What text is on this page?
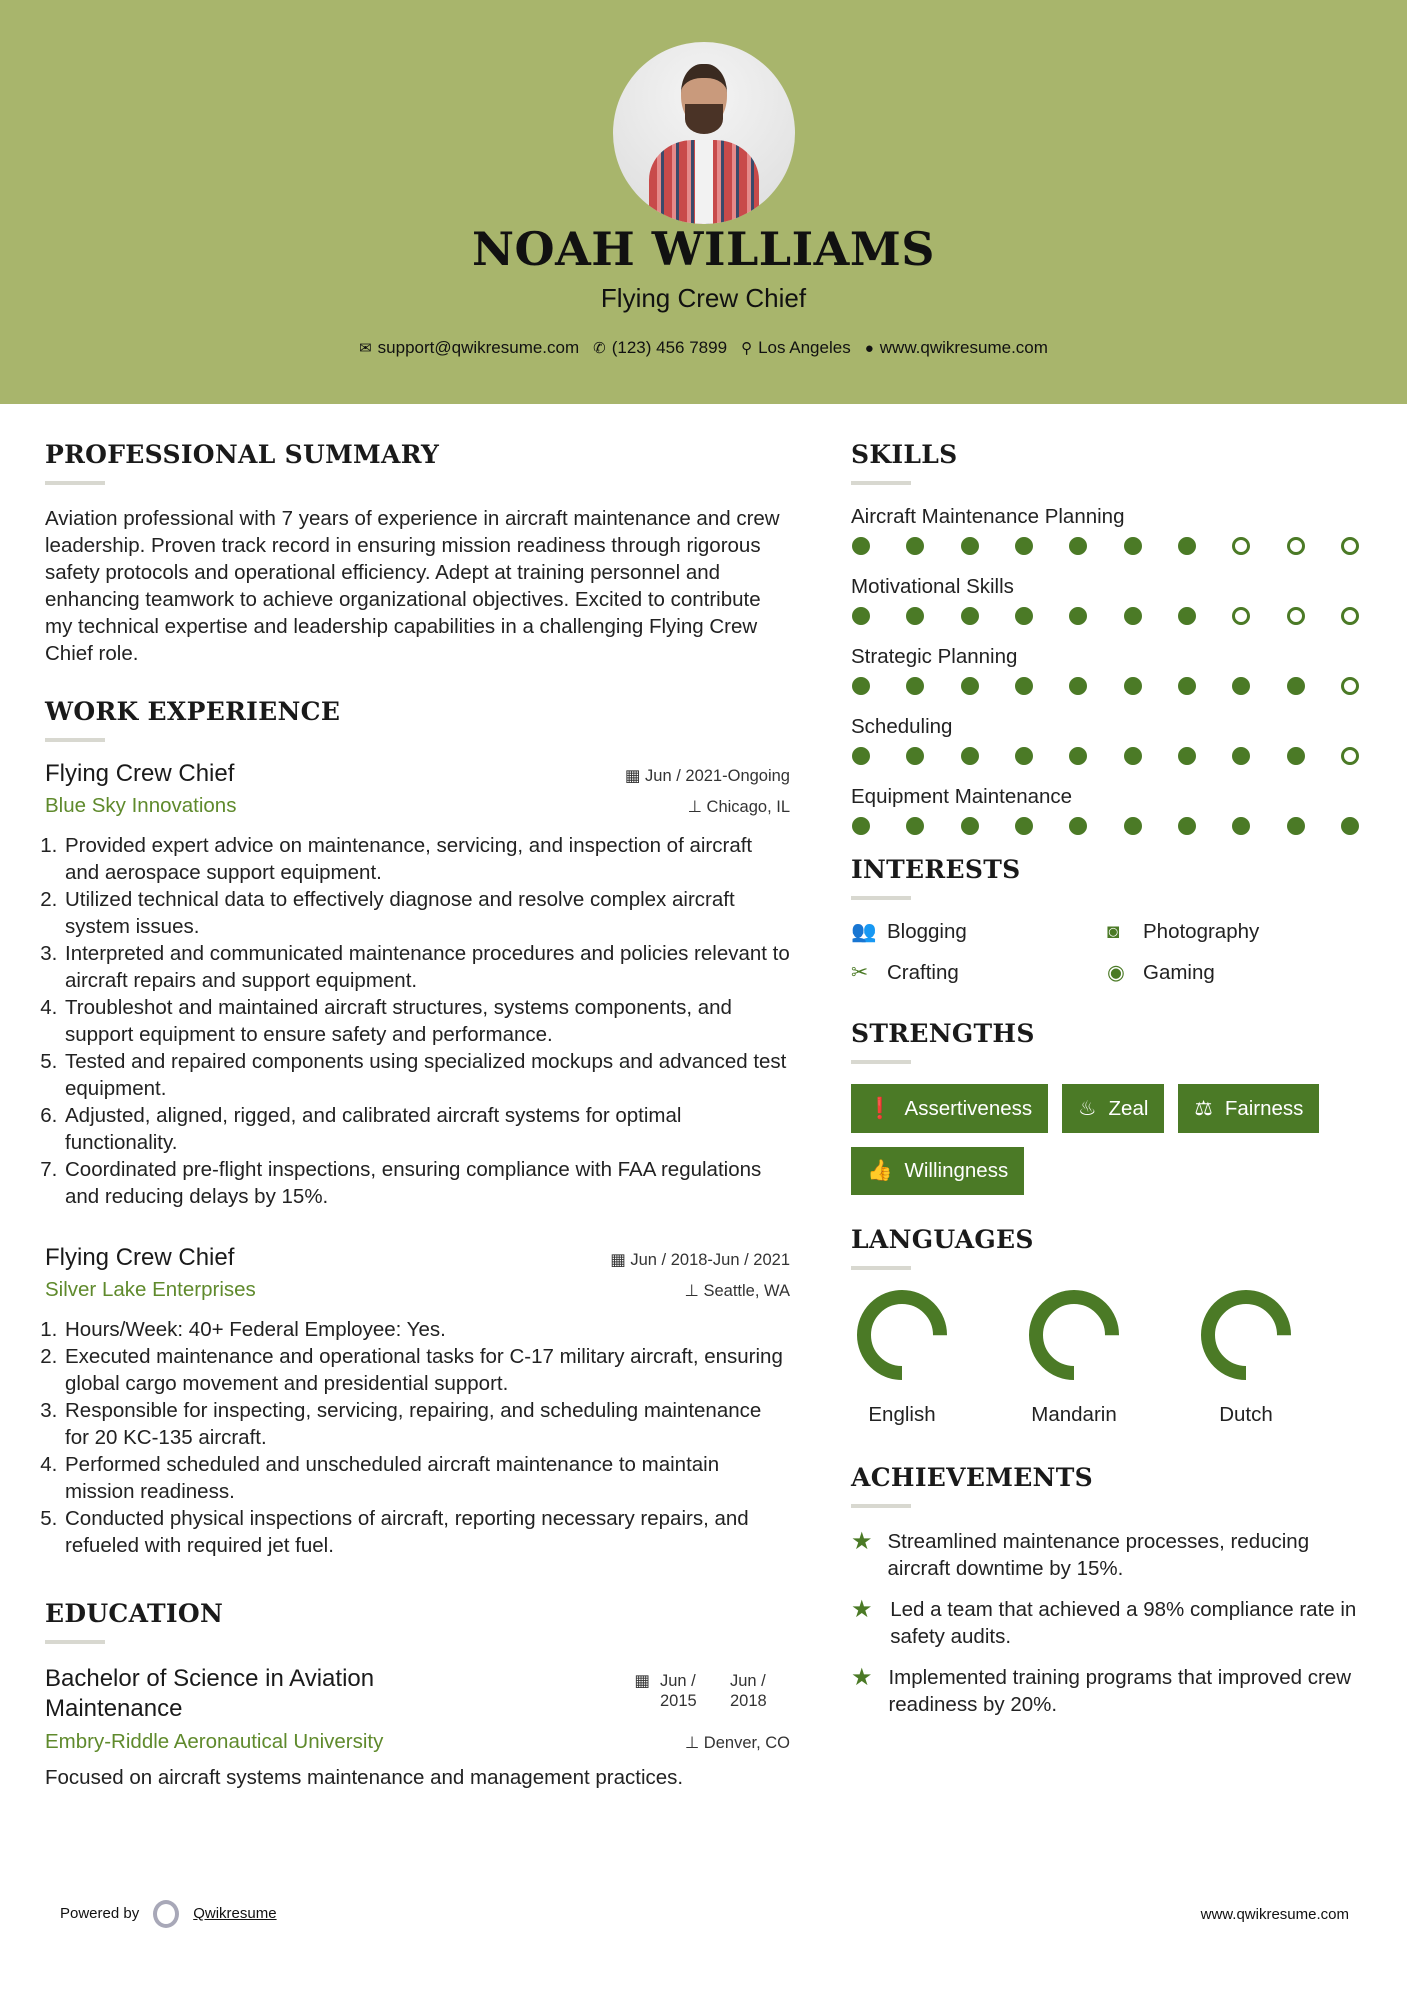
NOAH WILLIAMS
Flying Crew Chief
✉ support@qwikresume.com ✆ (123) 456 7899 ⚲ Los Angeles ● www.qwikresume.com
PROFESSIONAL SUMMARY

Aviation professional with 7 years of experience in aircraft maintenance and crew leadership. Proven track record in ensuring mission readiness through rigorous safety protocols and operational efficiency. Adept at training personnel and enhancing teamwork to achieve organizational objectives. Excited to contribute my technical expertise and leadership capabilities in a challenging Flying Crew Chief role.

WORK EXPERIENCE
Flying Crew Chief	▦ Jun / 2021-Ongoing
Blue Sky Innovations	⊥ Chicago, IL
1. Provided expert advice on maintenance, servicing, and inspection of aircraft and aerospace support equipment.
2. Utilized technical data to effectively diagnose and resolve complex aircraft system issues.
3. Interpreted and communicated maintenance procedures and policies relevant to aircraft repairs and support equipment.
4. Troubleshot and maintained aircraft structures, systems components, and support equipment to ensure safety and performance.
5. Tested and repaired components using specialized mockups and advanced test equipment.
6. Adjusted, aligned, rigged, and calibrated aircraft systems for optimal functionality.
7. Coordinated pre-flight inspections, ensuring compliance with FAA regulations and reducing delays by 15%.
Flying Crew Chief	▦ Jun / 2018-Jun / 2021
Silver Lake Enterprises	⊥ Seattle, WA
1. Hours/Week: 40+ Federal Employee: Yes.
2. Executed maintenance and operational tasks for C-17 military aircraft, ensuring global cargo movement and presidential support.
3. Responsible for inspecting, servicing, repairing, and scheduling maintenance for 20 KC-135 aircraft.
4. Performed scheduled and unscheduled aircraft maintenance to maintain mission readiness.
5. Conducted physical inspections of aircraft, reporting necessary repairs, and refueled with required jet fuel.
EDUCATION
Bachelor of Science in Aviation Maintenance
▦ Jun / 2015
Jun / 2018
Embry-Riddle Aeronautical University	⊥ Denver, CO

Focused on aircraft systems maintenance and management practices.

SKILLS
Aircraft Maintenance Planning
Motivational Skills
Strategic Planning
Scheduling
Equipment Maintenance
INTERESTS
👥 Blogging	◙ Photography
✂ Crafting	◉ Gaming
STRENGTHS
❗ Assertiveness ♨ Zeal ⚖ Fairness
👍 Willingness
LANGUAGES
English	Mandarin	Dutch
ACHIEVEMENTS
★ Streamlined maintenance processes, reducing aircraft downtime by 15%.
★ Led a team that achieved a 98% compliance rate in safety audits.
★ Implemented training programs that improved crew readiness by 20%.
Powered by	Qwikresume	www.qwikresume.com
